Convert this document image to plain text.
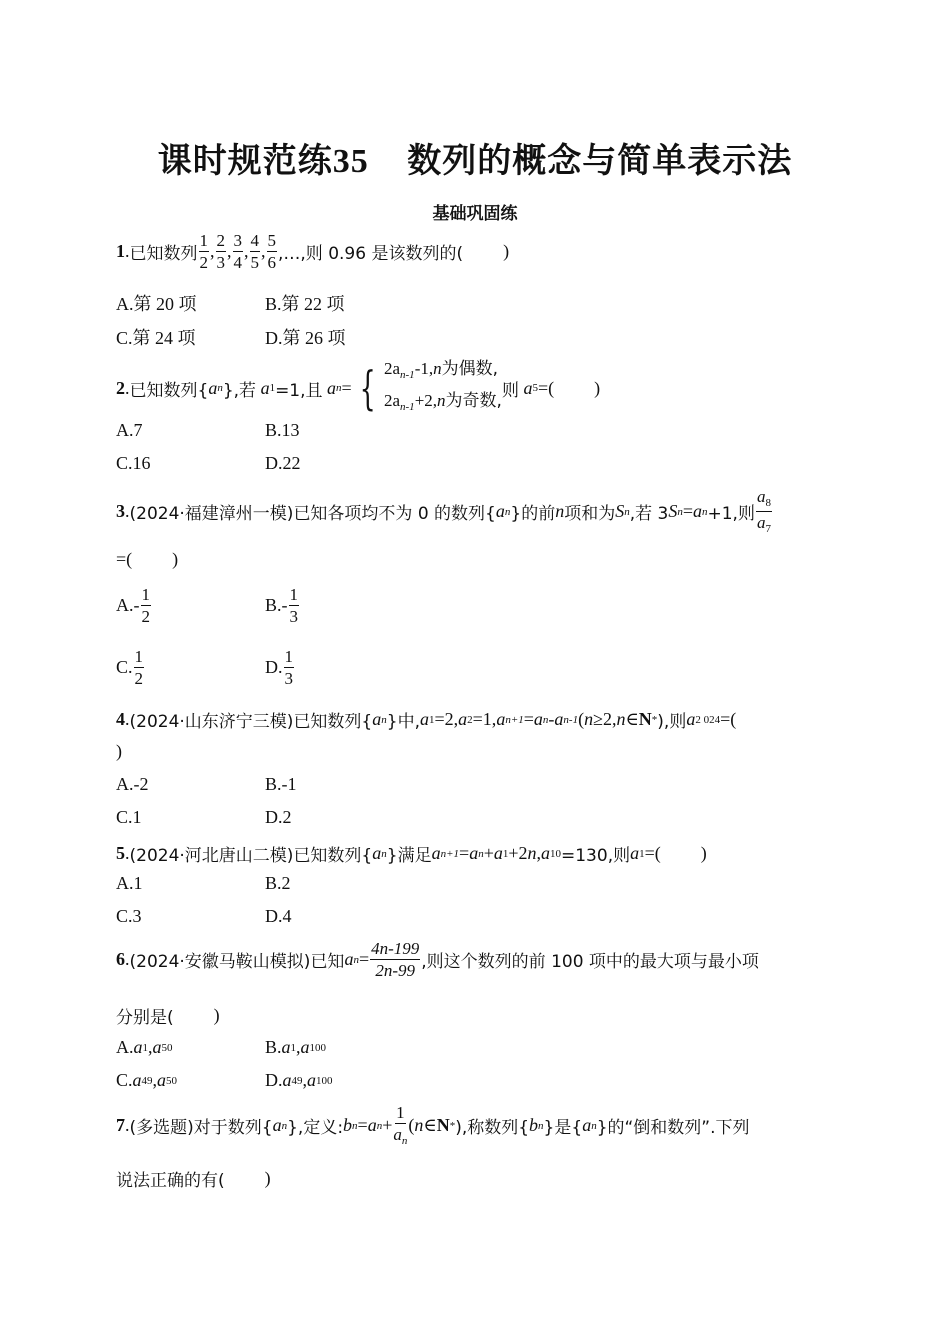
课时规范练35 数列的概念与简单表示法
基础巩固练
1 . 已知数列 $\frac{1}{2}$ , $\frac{2}{3}$ , $\frac{3}{4}$ , $\frac{4}{5}$ , $\frac{5}{6}$ ,…,则 0.96 是该数列的( )
A.第 20 项	B.第 22 项
C.第 24 项	D.第 26 项
2 . 已知数列{ a n },若
a 1 =1,且
a n = { $2a_{n-1}-1,n$为偶数,
$2a_{n-1}+2,n$为奇数,
则
a 5 =( )
A.7	B.13
C.16	D.22
3 . (2024·福建漳州一模) 已知各项均不为 0 的数列{ a n }的前 n 项和为 S n ,若 3 S n = a n +1,则 $\frac{a_8}{a_7}$
=( )
$A.- \frac{1}{2}$	$B.- \frac{1}{3}$
C. $\frac{1}{2}$	D. $\frac{1}{3}$
4 . (2024·山东济宁三模) 已知数列{ a n }中, a 1 =2, a 2 =1, a n+1 = a n - a n-1 ( n ≥2, n ∈ N * ),则 a 2 024 =(
)
A.-2	B.-1
C.1	D.2
5 . (2024·河北唐山二模) 已知数列{ a n }满足 a n+1 = a n + a 1 +2 n , a 10 =130,则 a 1 =( )
A.1	B.2
C.3	D.4
6 . (2024·安徽马鞍山模拟) 已知 a $n = \frac{4n-199}{2n-99}$ ,则这个数列的前 100 项中的最大项与最小项
分别是( )
A. a 1 , a 50	B. a 1 , a 100
C. a 49 , a 50	D. a 49 , a 100
7 . (多选题) 对于数列{ a n },定义: b n = a $n + \frac{1}{a_n}$ ( n ∈ N * ),称数列{ b n }是{ a n }的“倒和数列”.下列
说法正确的有( )
